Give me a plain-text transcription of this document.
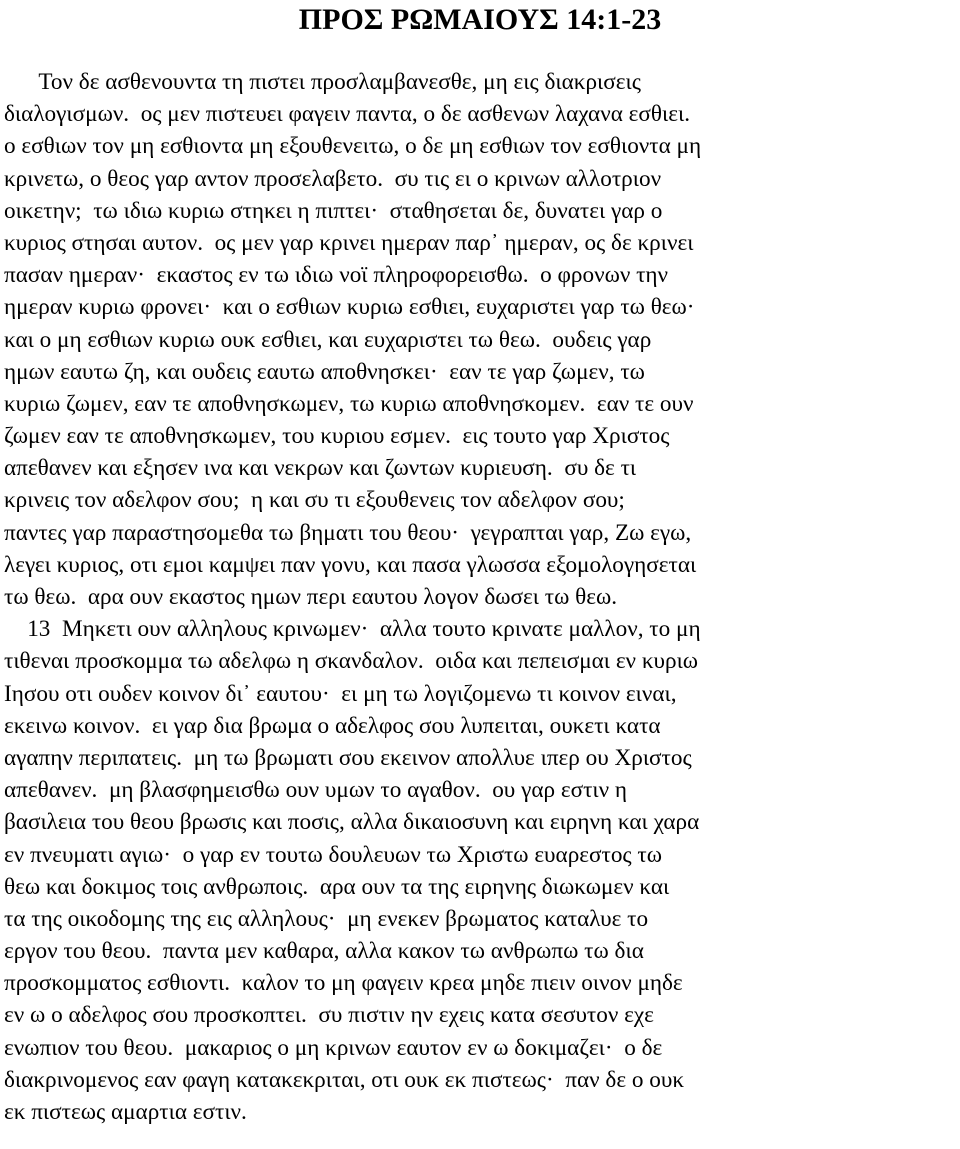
ΠΡΟΣ ΡΩΜΑΙΟΥΣ 14:1-23
Τον δε ασθενουντα τη πιστει προσλαμβανεσθε, μη εις διακρισεις
διαλογισμων.  ος μεν πιστευει φαγειν παντα, ο δε ασθενων λαχανα εσθιει.
ο εσθιων τον μη εσθιοντα μη εξουθενειτω, ο δε μη εσθιων τον εσθιοντα μη
κρινετω, ο θεος γαρ αντον προσελαβετο.  συ τις ει ο κρινων αλλοτριον
οικετην;  τω ιδιω κυριω στηκει η πιπτει·  σταθησεται δε, δυνατει γαρ ο
κυριος στησαι αυτον.  ος μεν γαρ κρινει ημεραν παρ᾽ ημεραν, ος δε κρινει
πασαν ημεραν·  εκαστος εν τω ιδιω νοϊ πληροφορεισθω.  ο φρονων την
ημεραν κυριω φρονει·  και ο εσθιων κυριω εσθιει, ευχαριστει γαρ τω θεω·
και ο μη εσθιων κυριω ουκ εσθιει, και ευχαριστει τω θεω.  ουδεις γαρ
ημων εαυτω ζη, και ουδεις εαυτω αποθνησκει·  εαν τε γαρ ζωμεν, τω
κυριω ζωμεν, εαν τε αποθνησκωμεν, τω κυριω αποθνησκομεν.  εαν τε ουν
ζωμεν εαν τε αποθνησκωμεν, του κυριου εσμεν.  εις τουτο γαρ Χριστος
απεθανεν και εξησεν ινα και νεκρων και ζωντων κυριευση.  συ δε τι
κρινεις τον αδελφον σου;  η και συ τι εξουθενεις τον αδελφον σου;
παντες γαρ παραστησομεθα τω βηματι του θεου·  γεγραπται γαρ, Ζω εγω,
λεγει κυριος, οτι εμοι καμψει παν γονυ, και πασα γλωσσα εξομολογησεται
τω θεω.  αρα ουν εκαστος ημων περι εαυτου λογον δωσει τω θεω.
13  Μηκετι ουν αλληλους κρινωμεν·  αλλα τουτο κρινατε μαλλον, το μη
τιθεναι προσκομμα τω αδελφω η σκανδαλον.  οιδα και πεπεισμαι εν κυριω
Ιησου οτι ουδεν κοινον δι᾽ εαυτου·  ει μη τω λογιζομενω τι κοινον ειναι,
εκεινω κοινον.  ει γαρ δια βρωμα ο αδελφος σου λυπειται, ουκετι κατα
αγαπην περιπατεις.  μη τω βρωματι σου εκεινον απολλυε ιπερ ου Χριστος
απεθανεν.  μη βλασφημεισθω ουν υμων το αγαθον.  ου γαρ εστιν η
βασιλεια του θεου βρωσις και ποσις, αλλα δικαιοσυνη και ειρηνη και χαρα
εν πνευματι αγιω·  ο γαρ εν τουτω δουλευων τω Χριστω ευαρεστος τω
θεω και δοκιμος τοις ανθρωποις.  αρα ουν τα της ειρηνης διωκωμεν και
τα της οικοδομης της εις αλληλους·  μη ενεκεν βρωματος καταλυε το
εργον του θεου.  παντα μεν καθαρα, αλλα κακον τω ανθρωπω τω δια
προσκομματος εσθιοντι.  καλον το μη φαγειν κρεα μηδε πιειν οινον μηδε
εν ω ο αδελφος σου προσκοπτει.  συ πιστιν ην εχεις κατα σεσυτον εχε
ενωπιον του θεου.  μακαριος ο μη κρινων εαυτον εν ω δοκιμαζει·  ο δε
διακρινομενος εαν φαγη κατακεκριται, οτι ουκ εκ πιστεως·  παν δε ο ουκ
εκ πιστεως αμαρτια εστιν.
